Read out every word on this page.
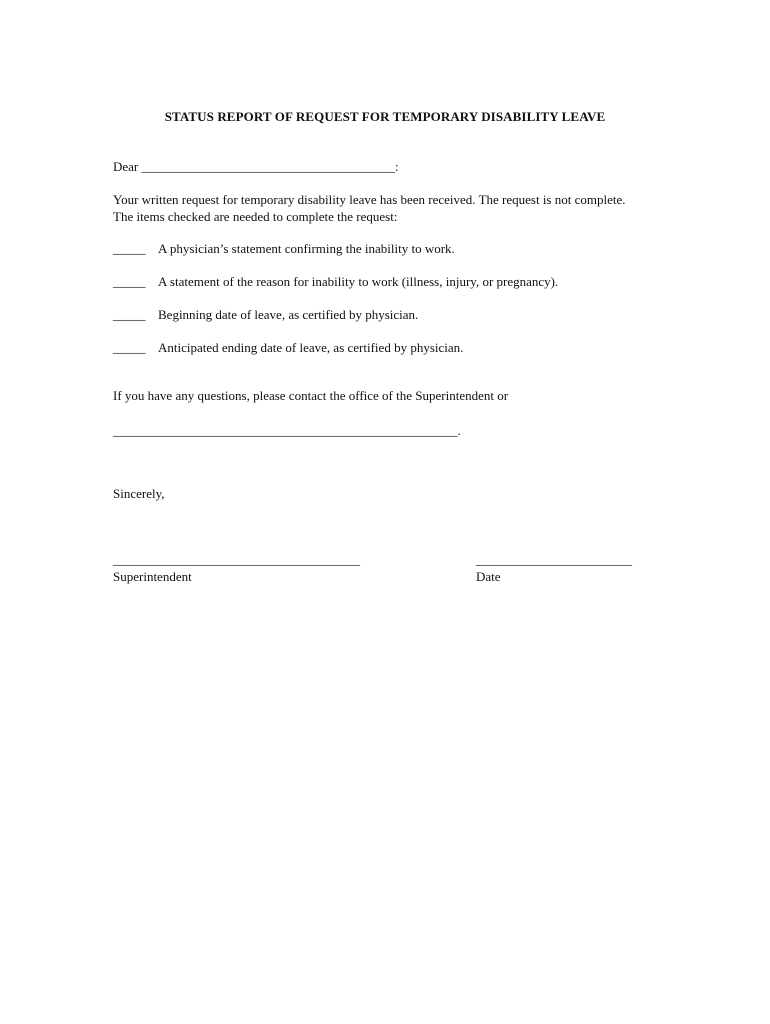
STATUS REPORT OF REQUEST FOR TEMPORARY DISABILITY LEAVE
Dear _______________________________________:
Your written request for temporary disability leave has been received. The request is not complete. The items checked are needed to complete the request:
_____ A physician’s statement confirming the inability to work.
_____ A statement of the reason for inability to work (illness, injury, or pregnancy).
_____ Beginning date of leave, as certified by physician.
_____ Anticipated ending date of leave, as certified by physician.
If you have any questions, please contact the office of the Superintendent or
_____________________________________________________.
Sincerely,
______________________________________
Superintendent
________________________
Date
